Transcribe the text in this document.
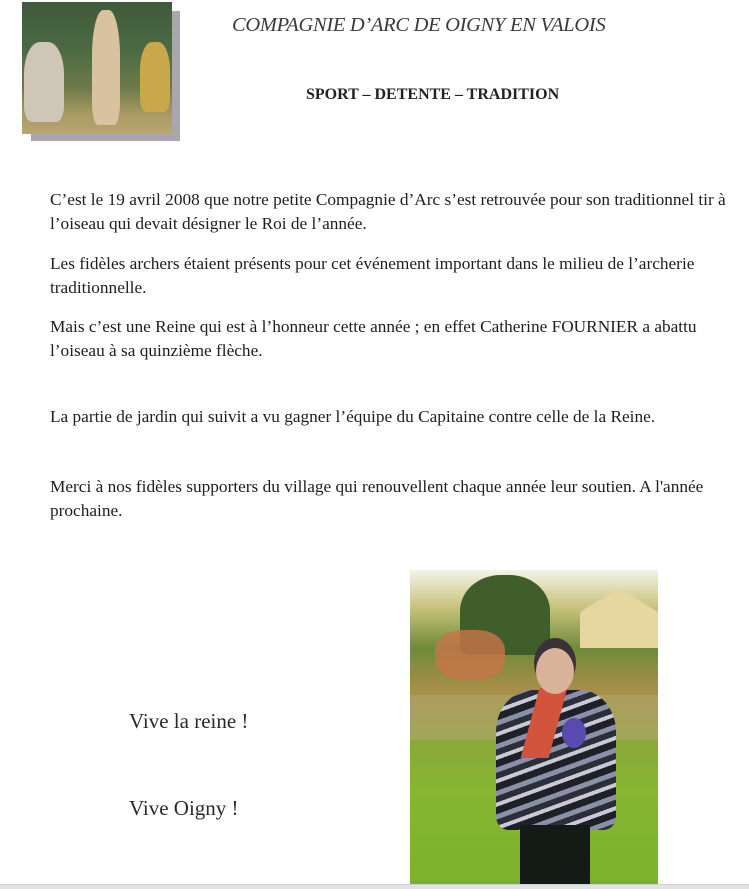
COMPAGNIE D’ARC DE OIGNY EN VALOIS
SPORT – DETENTE – TRADITION

C’est le 19 avril 2008 que notre petite Compagnie d’Arc s’est retrouvée pour son traditionnel tir à l’oiseau qui devait désigner le Roi de l’année.

Les fidèles archers étaient présents pour cet événement important dans le milieu de l’archerie traditionnelle.

Mais c’est une Reine qui est à l’honneur cette année ; en effet Catherine FOURNIER a abattu l’oiseau à sa quinzième flèche.

La partie de jardin qui suivit a vu gagner l’équipe du Capitaine contre celle de la Reine.

Merci à nos fidèles supporters du village qui renouvellent chaque année leur soutien. A l'année prochaine.

Vive la reine !
Vive Oigny !
